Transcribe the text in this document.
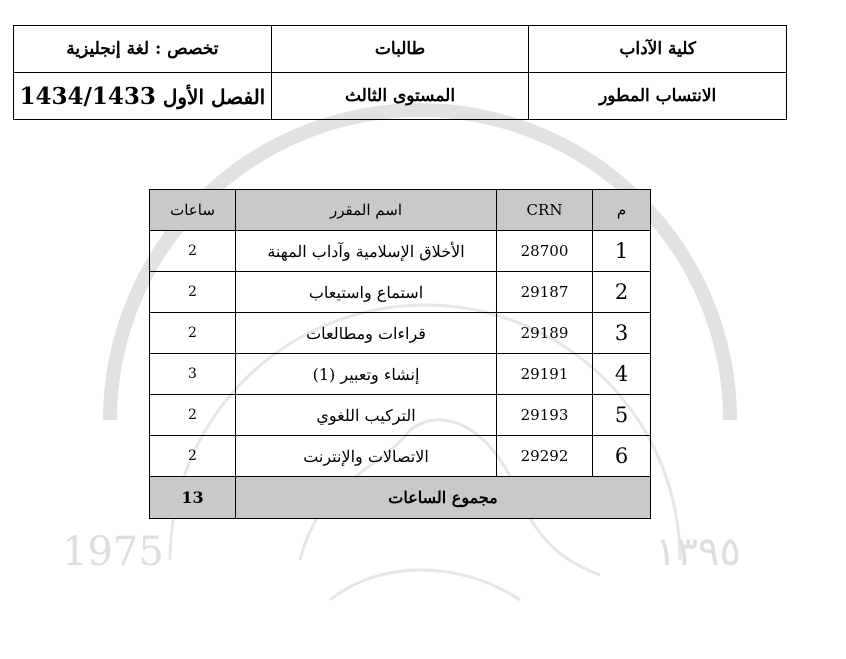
1975	١٣٩٥
كلية الآداب	طالبات	تخصص : لغة إنجليزية
الانتساب المطور	المستوى الثالث	الفصل الأول 1434/1433
م	CRN	اسم المقرر	ساعات
1	28700	الأخلاق الإسلامية وآداب المهنة	2
2	29187	استماع واستيعاب	2
3	29189	قراءات ومطالعات	2
4	29191	إنشاء وتعبير (1)	3
5	29193	التركيب اللغوي	2
6	29292	الاتصالات والإنترنت	2
مجموع الساعات			13
